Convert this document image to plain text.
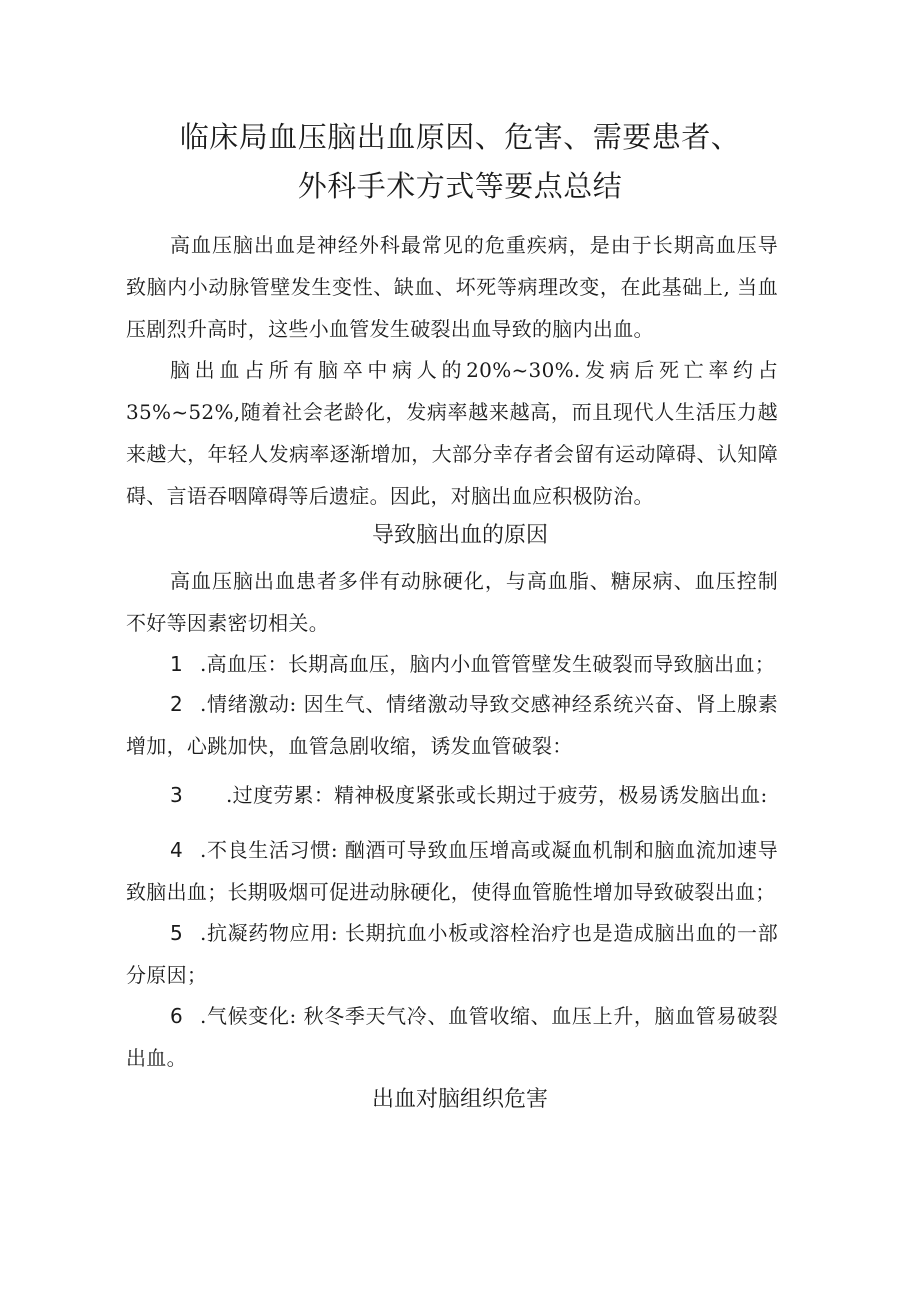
临床局血压脑出血原因、危害、需要患者、
外科手术方式等要点总结

高血压脑出血是神经外科最常见的危重疾病，是由于长期高血压导致脑内小动脉管壁发生变性、缺血、坏死等病理改变，在此基础上, 当血压剧烈升高时，这些小血管发生破裂出血导致的脑内出血。

脑出血占所有脑卒中病人的20%~30%.发病后死亡率约占35%~52%,随着社会老龄化，发病率越来越高，而且现代人生活压力越来越大，年轻人发病率逐渐增加，大部分幸存者会留有运动障碍、认知障碍、言语吞咽障碍等后遗症。因此，对脑出血应积极防治。

导致脑出血的原因

高血压脑出血患者多伴有动脉硬化，与高血脂、糖尿病、血压控制不好等因素密切相关。

1 .高血压：长期高血压，脑内小血管管壁发生破裂而导致脑出血；

2 .情绪激动: 因生气、情绪激动导致交感神经系统兴奋、肾上腺素增加，心跳加快，血管急剧收缩，诱发血管破裂：

3 .过度劳累：精神极度紧张或长期过于疲劳，极易诱发脑出血:

4 .不良生活习惯: 酗酒可导致血压增高或凝血机制和脑血流加速导致脑出血；长期吸烟可促进动脉硬化，使得血管脆性增加导致破裂出血；

5 .抗凝药物应用: 长期抗血小板或溶栓治疗也是造成脑出血的一部分原因；

6 .气候变化: 秋冬季天气冷、血管收缩、血压上升，脑血管易破裂出血。

出血对脑组织危害
